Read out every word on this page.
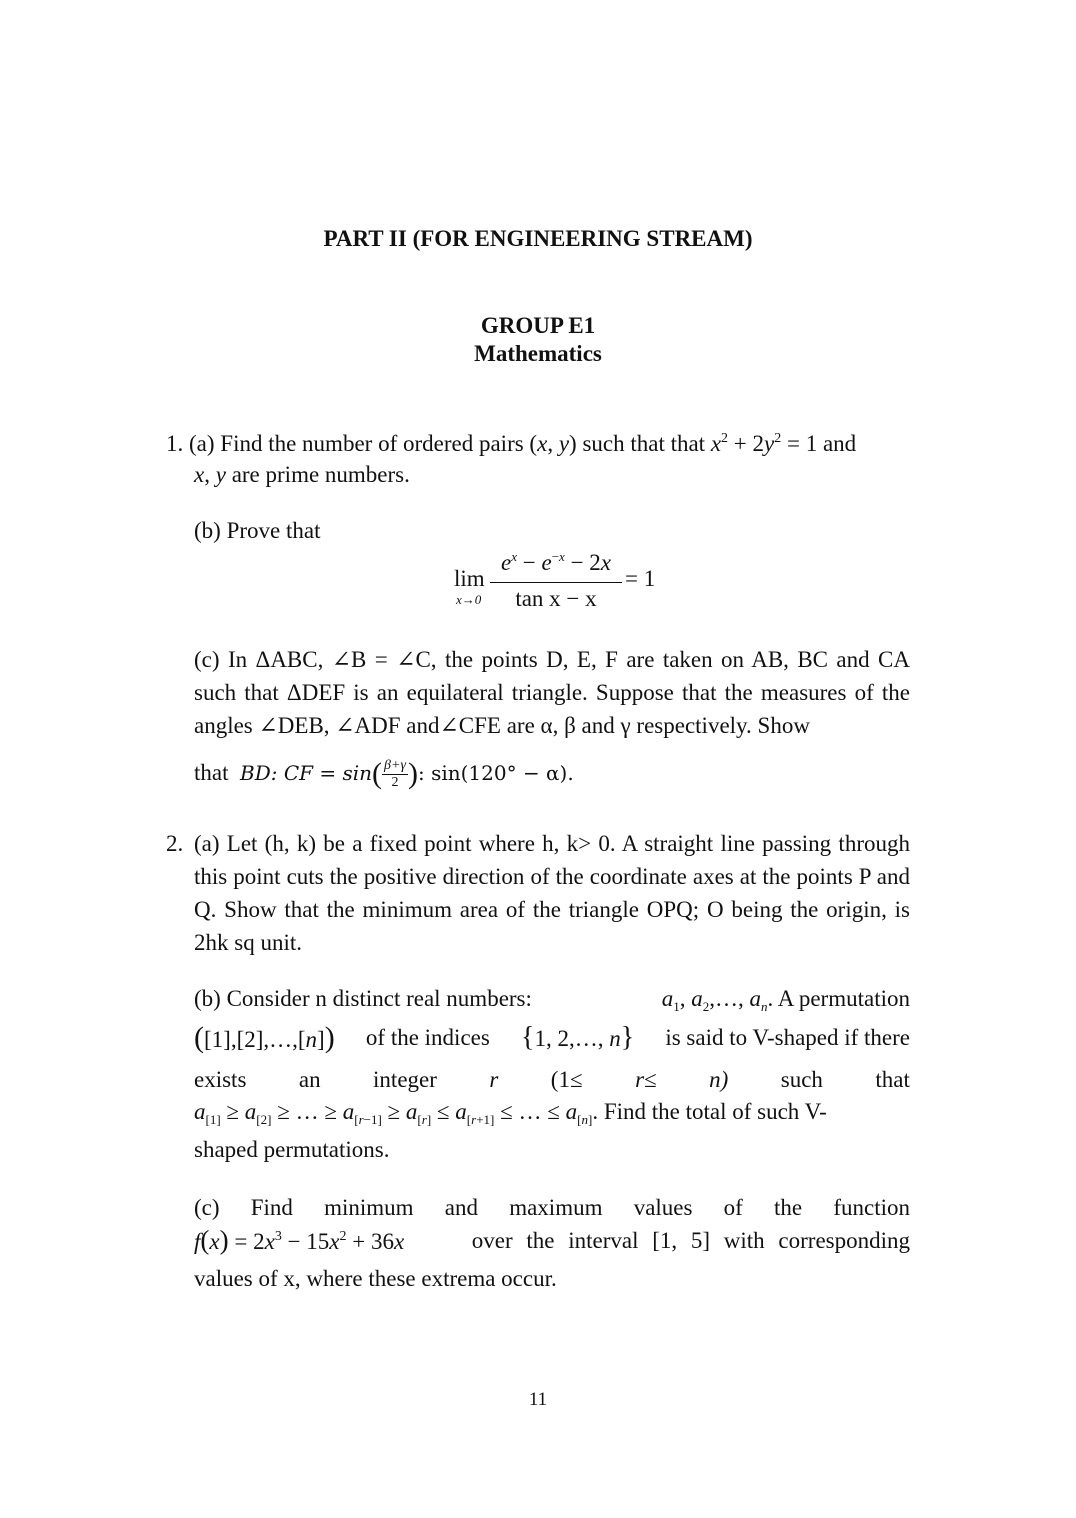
PART II (FOR ENGINEERING STREAM)
GROUP E1
Mathematics
1. (a) Find the number of ordered pairs (x, y) such that that $x^2 + 2y^2 = 1$ and
x, y are prime numbers.
(b) Prove that
lim
x→0
$e^x - e^{-x} - 2x$
tan x − x
= 1

(c) In ΔABC, ∠B = ∠C, the points D, E, F are taken on AB, BC and CA such that ΔDEF is an equilateral triangle. Suppose that the measures of the angles ∠DEB, ∠ADF and∠CFE are α, β and γ respectively. Show

that BD: CF = $\sin( \frac{\beta+\gamma}{2}$ ): sin(120° − α).
2. (a) Let (h, k) be a fixed point where h, k> 0. A straight line passing through this point cuts the positive direction of the coordinate axes at the points P and Q. Show that the minimum area of the triangle OPQ; O being the origin, is 2hk sq unit.

(b) Consider n distinct real numbers:	$a_1$, $a_2,\dots$, $a_n$. A permutation
([1],[2],…,[n]) of the indices {1, 2,…, n} is said to V-shaped if there
exists an integer r (1≤ r≤ n) such that
$a_{[1]} \ge a_{[2]}$ ≥ … ≥ $a_{[r-1]} \ge a_{[r]} \le a_{[r+1]}$ ≤ … ≤ $a_{[n]}$. Find the total of such V-
shaped permutations.
(c) Find minimum and maximum values of the function
$f(x) = 2x^3 - 15x^2 + 36x$	over the interval [1, 5] with corresponding
values of x, where these extrema occur.
11
